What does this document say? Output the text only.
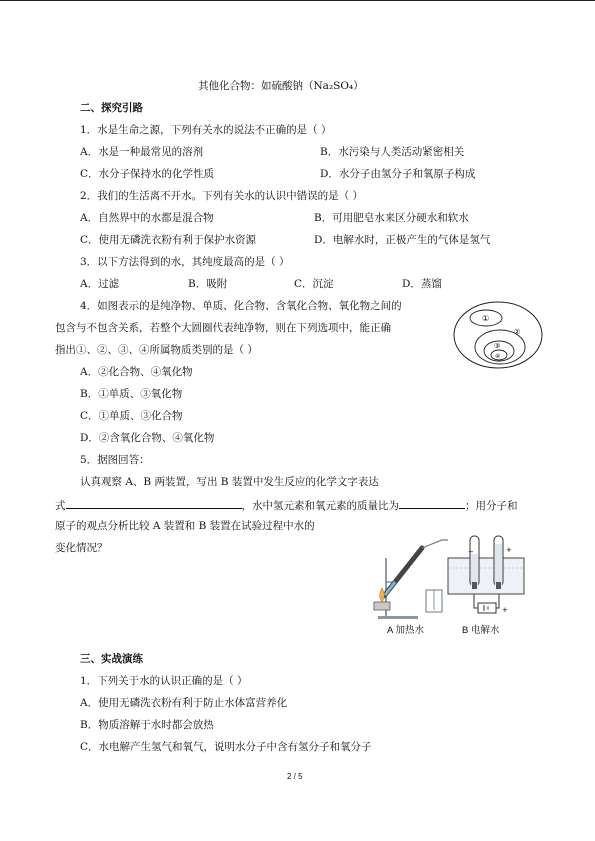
其他化合物：如硫酸钠（Na₂SO₄）
二、探究引路
1．水是生命之源，下列有关水的说法不正确的是（ ）
A．水是一种最常见的溶剂	B．水污染与人类活动紧密相关
C．水分子保持水的化学性质	D．水分子由氢分子和氧原子构成
2．我们的生活离不开水。下列有关水的认识中错误的是（ ）
A．自然界中的水都是混合物	B．可用肥皂水来区分硬水和软水
C．使用无磷洗衣粉有利于保护水资源	D．电解水时，正极产生的气体是氢气
3．以下方法得到的水，其纯度最高的是（ ）
A．过滤	B．吸附	C．沉淀	D．蒸馏
4．如图表示的是纯净物、单质、化合物、含氧化合物、氧化物之间的
包含与不包含关系，若整个大圆圈代表纯净物，则在下列选项中，能正确
指出①、②、③、④所属物质类别的是（ ）
A．②化合物、④氧化物
B．①单质、③氧化物
C．①单质、③化合物
D．②含氧化合物、④氧化物
①
②
③
④
5．据图回答：
认真观察 A、B 两装置，写出 B 装置中发生反应的化学文字表达
式	，水中氢元素和氧元素的质量比为	；用分子和
原子的观点分析比较 A 装置和 B 装置在试验过程中水的
变化情况？	−	+
+
A 加热水	B 电解水
三、实战演练
1．下列关于水的认识正确的是（ ）
A．使用无磷洗衣粉有利于防止水体富营养化
B．物质溶解于水时都会放热
C．水电解产生氢气和氧气，说明水分子中含有氢分子和氧分子
2 / 5
